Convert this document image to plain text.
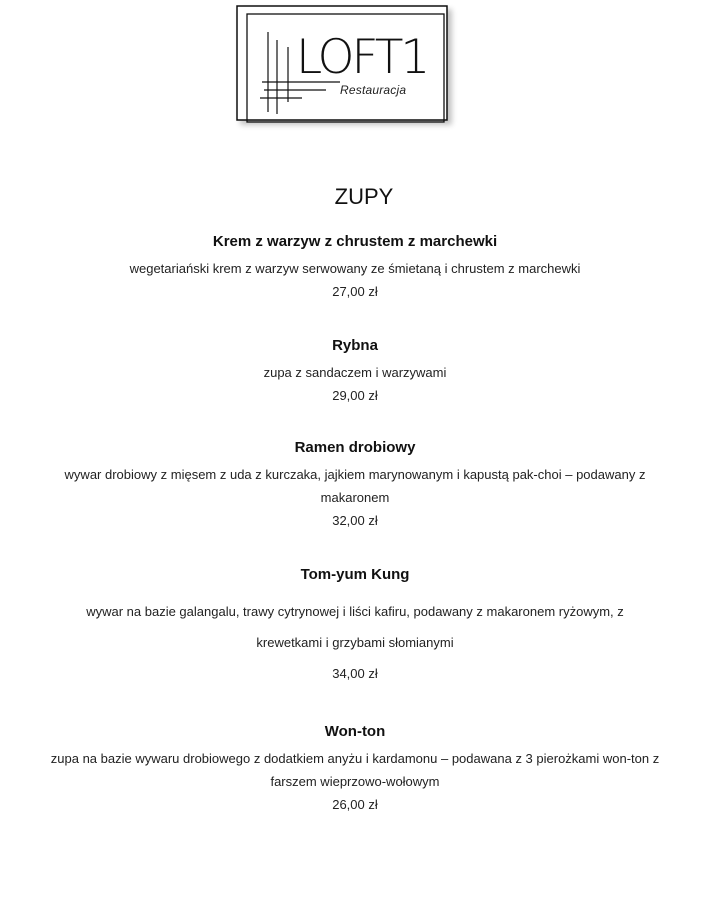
LOFT1
Restauracja
ZUPY
Krem z warzyw z chrustem z marchewki
wegetariański krem z warzyw serwowany ze śmietaną i chrustem z marchewki
27,00 zł
Rybna
zupa z sandaczem i warzywami
29,00 zł
Ramen drobiowy
wywar drobiowy z mięsem z uda z kurczaka, jajkiem marynowanym i kapustą pak-choi – podawany z makaronem
32,00 zł
Tom-yum Kung
wywar na bazie galangalu, trawy cytrynowej i liści kafiru, podawany z makaronem ryżowym, z krewetkami i grzybami słomianymi
34,00 zł
Won-ton
zupa na bazie wywaru drobiowego z dodatkiem anyżu i kardamonu – podawana z 3 pierożkami won-ton z farszem wieprzowo-wołowym
26,00 zł
